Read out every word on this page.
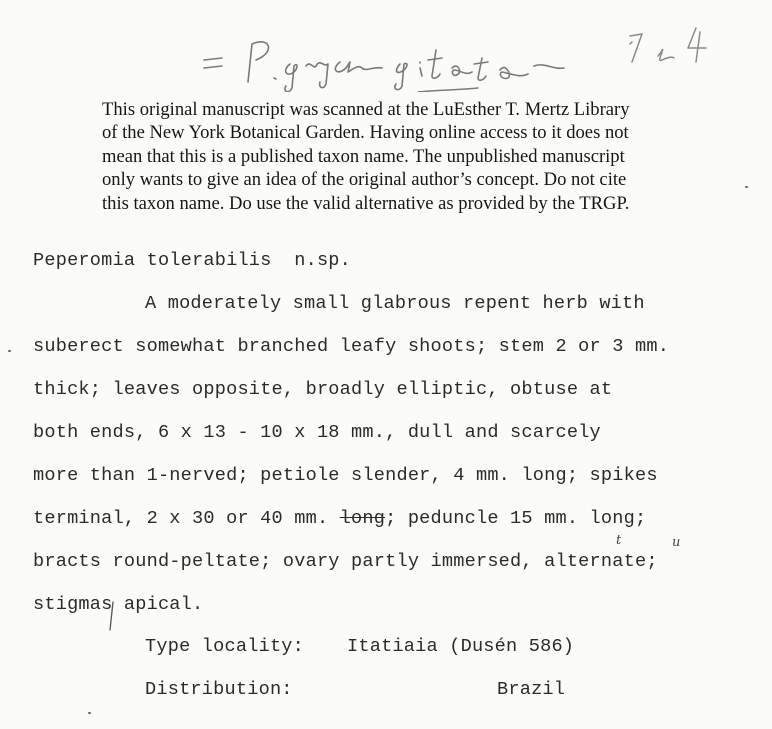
= P. gagrantitata	7/64

This original manuscript was scanned at the LuEsther T. Mertz Library

of the New York Botanical Garden. Having online access to it does not

mean that this is a published taxon name. The unpublished manuscript

only wants to give an idea of the original author’s concept. Do not cite

this taxon name. Do use the valid alternative as provided by the TRGP.

Peperomia tolerabilis  n.sp.
A moderately small glabrous repent herb with
suberect somewhat branched leafy shoots; stem 2 or 3 mm.
thick; leaves opposite, broadly elliptic, obtuse at
both ends, 6 x 13 - 10 x 18 mm., dull and scarcely
more than 1-nerved; petiole slender, 4 mm. long; spikes
terminal, 2 x 30 or 40 mm. long; peduncle 15 mm. long;
bracts round-peltate; ovary partly immersed, alternate;
stigmas apical.
t	u
Type locality: Itatiaia (Dusén 586)
Distribution:	Brazil
